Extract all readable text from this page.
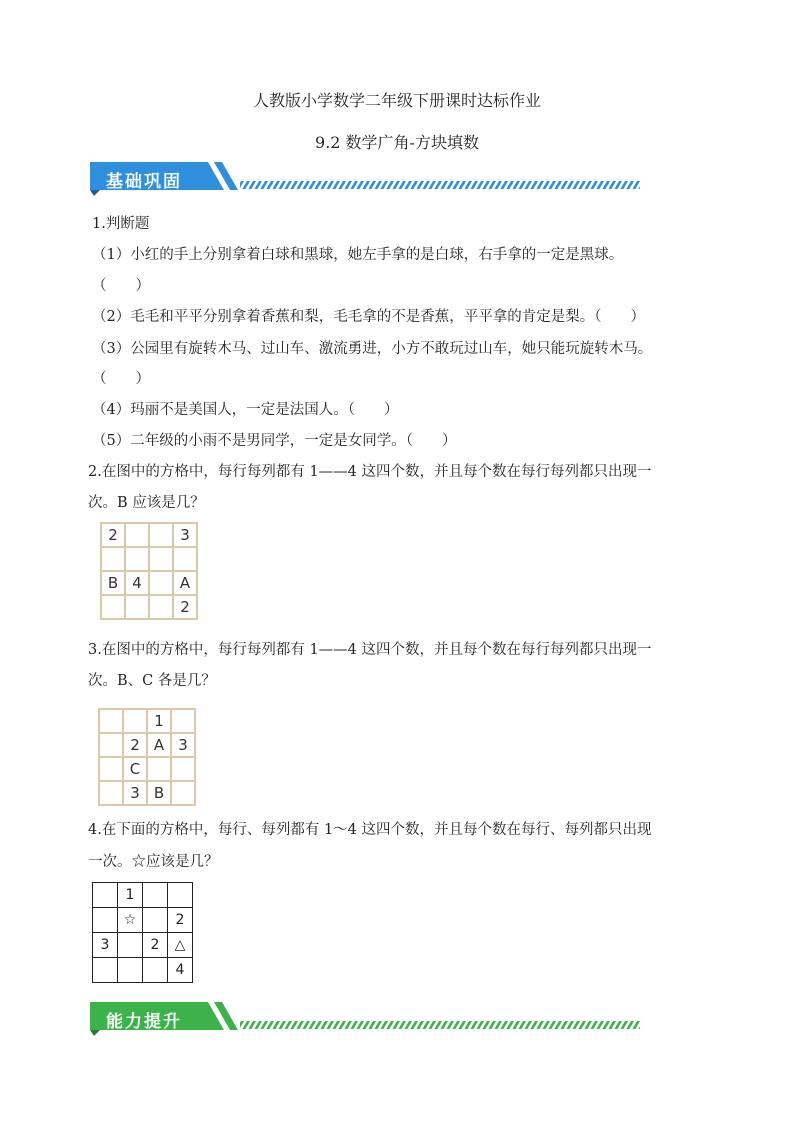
人教版小学数学二年级下册课时达标作业
9.2 数学广角-方块填数
基础巩固
1.判断题
（1）小红的手上分别拿着白球和黑球，她左手拿的是白球，右手拿的一定是黑球。
（　　）
（2）毛毛和平平分别拿着香蕉和梨，毛毛拿的不是香蕉，平平拿的肯定是梨。（　　）
（3）公园里有旋转木马、过山车、激流勇进，小方不敢玩过山车，她只能玩旋转木马。
（　　）
（4）玛丽不是美国人，一定是法国人。（　　）
（5）二年级的小雨不是男同学，一定是女同学。（　　）
2.在图中的方格中，每行每列都有 1——4 这四个数，并且每个数在每行每列都只出现一
次。B 应该是几？
2			3

B	4		A
			2
3.在图中的方格中，每行每列都有 1——4 这四个数，并且每个数在每行每列都只出现一
次。B、C 各是几？
		1	
	2	A	3
	C		
	3	B	
4.在下面的方格中，每行、每列都有 1～4 这四个数，并且每个数在每行、每列都只出现
一次。☆应该是几？
	1		
	☆		2
3		2	△
			4
能力提升
